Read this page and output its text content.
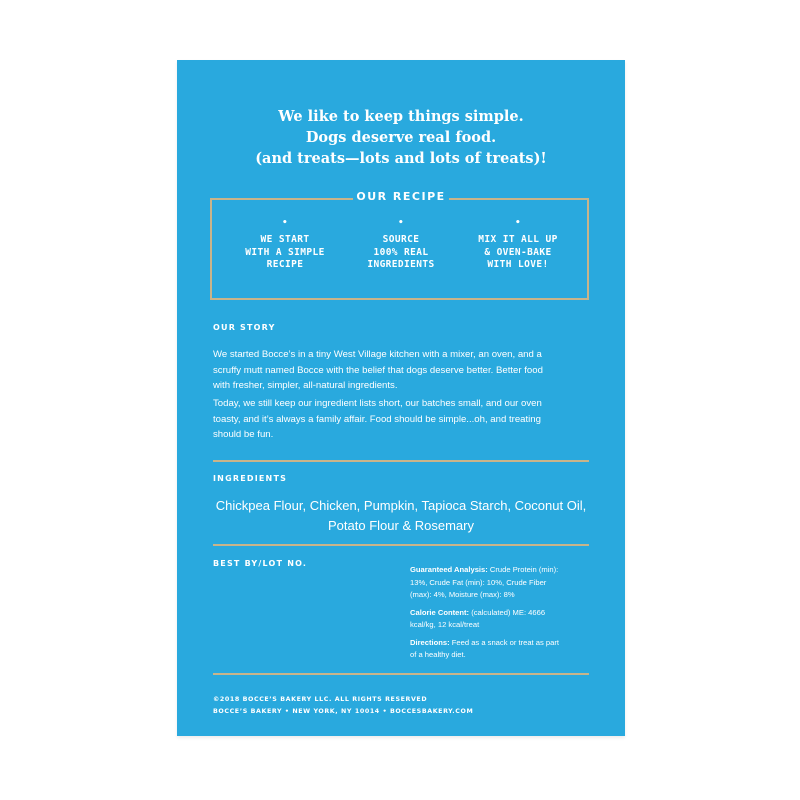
We like to keep things simple.
Dogs deserve real food.
(and treats—lots and lots of treats)!
OUR RECIPE
•
WE START
WITH A SIMPLE
RECIPE
•
SOURCE
100% REAL
INGREDIENTS
•
MIX IT ALL UP
& OVEN-BAKE
WITH LOVE!
OUR STORY
We started Bocce’s in a tiny West Village kitchen with a mixer, an oven, and a
scruffy mutt named Bocce with the belief that dogs deserve better. Better food
with fresher, simpler, all-natural ingredients.
Today, we still keep our ingredient lists short, our batches small, and our oven
toasty, and it’s always a family affair. Food should be simple...oh, and treating
should be fun.
INGREDIENTS
Chickpea Flour, Chicken, Pumpkin, Tapioca Starch, Coconut Oil,
Potato Flour & Rosemary
BEST BY/LOT NO.

Guaranteed Analysis: Crude Protein (min):
13%, Crude Fat (min): 10%, Crude Fiber
(max): 4%, Moisture (max): 8%

Calorie Content: (calculated) ME: 4666
kcal/kg, 12 kcal/treat

Directions: Feed as a snack or treat as part
of a healthy diet.

©2018 BOCCE’S BAKERY LLC. ALL RIGHTS RESERVED
BOCCE’S BAKERY • NEW YORK, NY 10014 • BOCCESBAKERY.COM
